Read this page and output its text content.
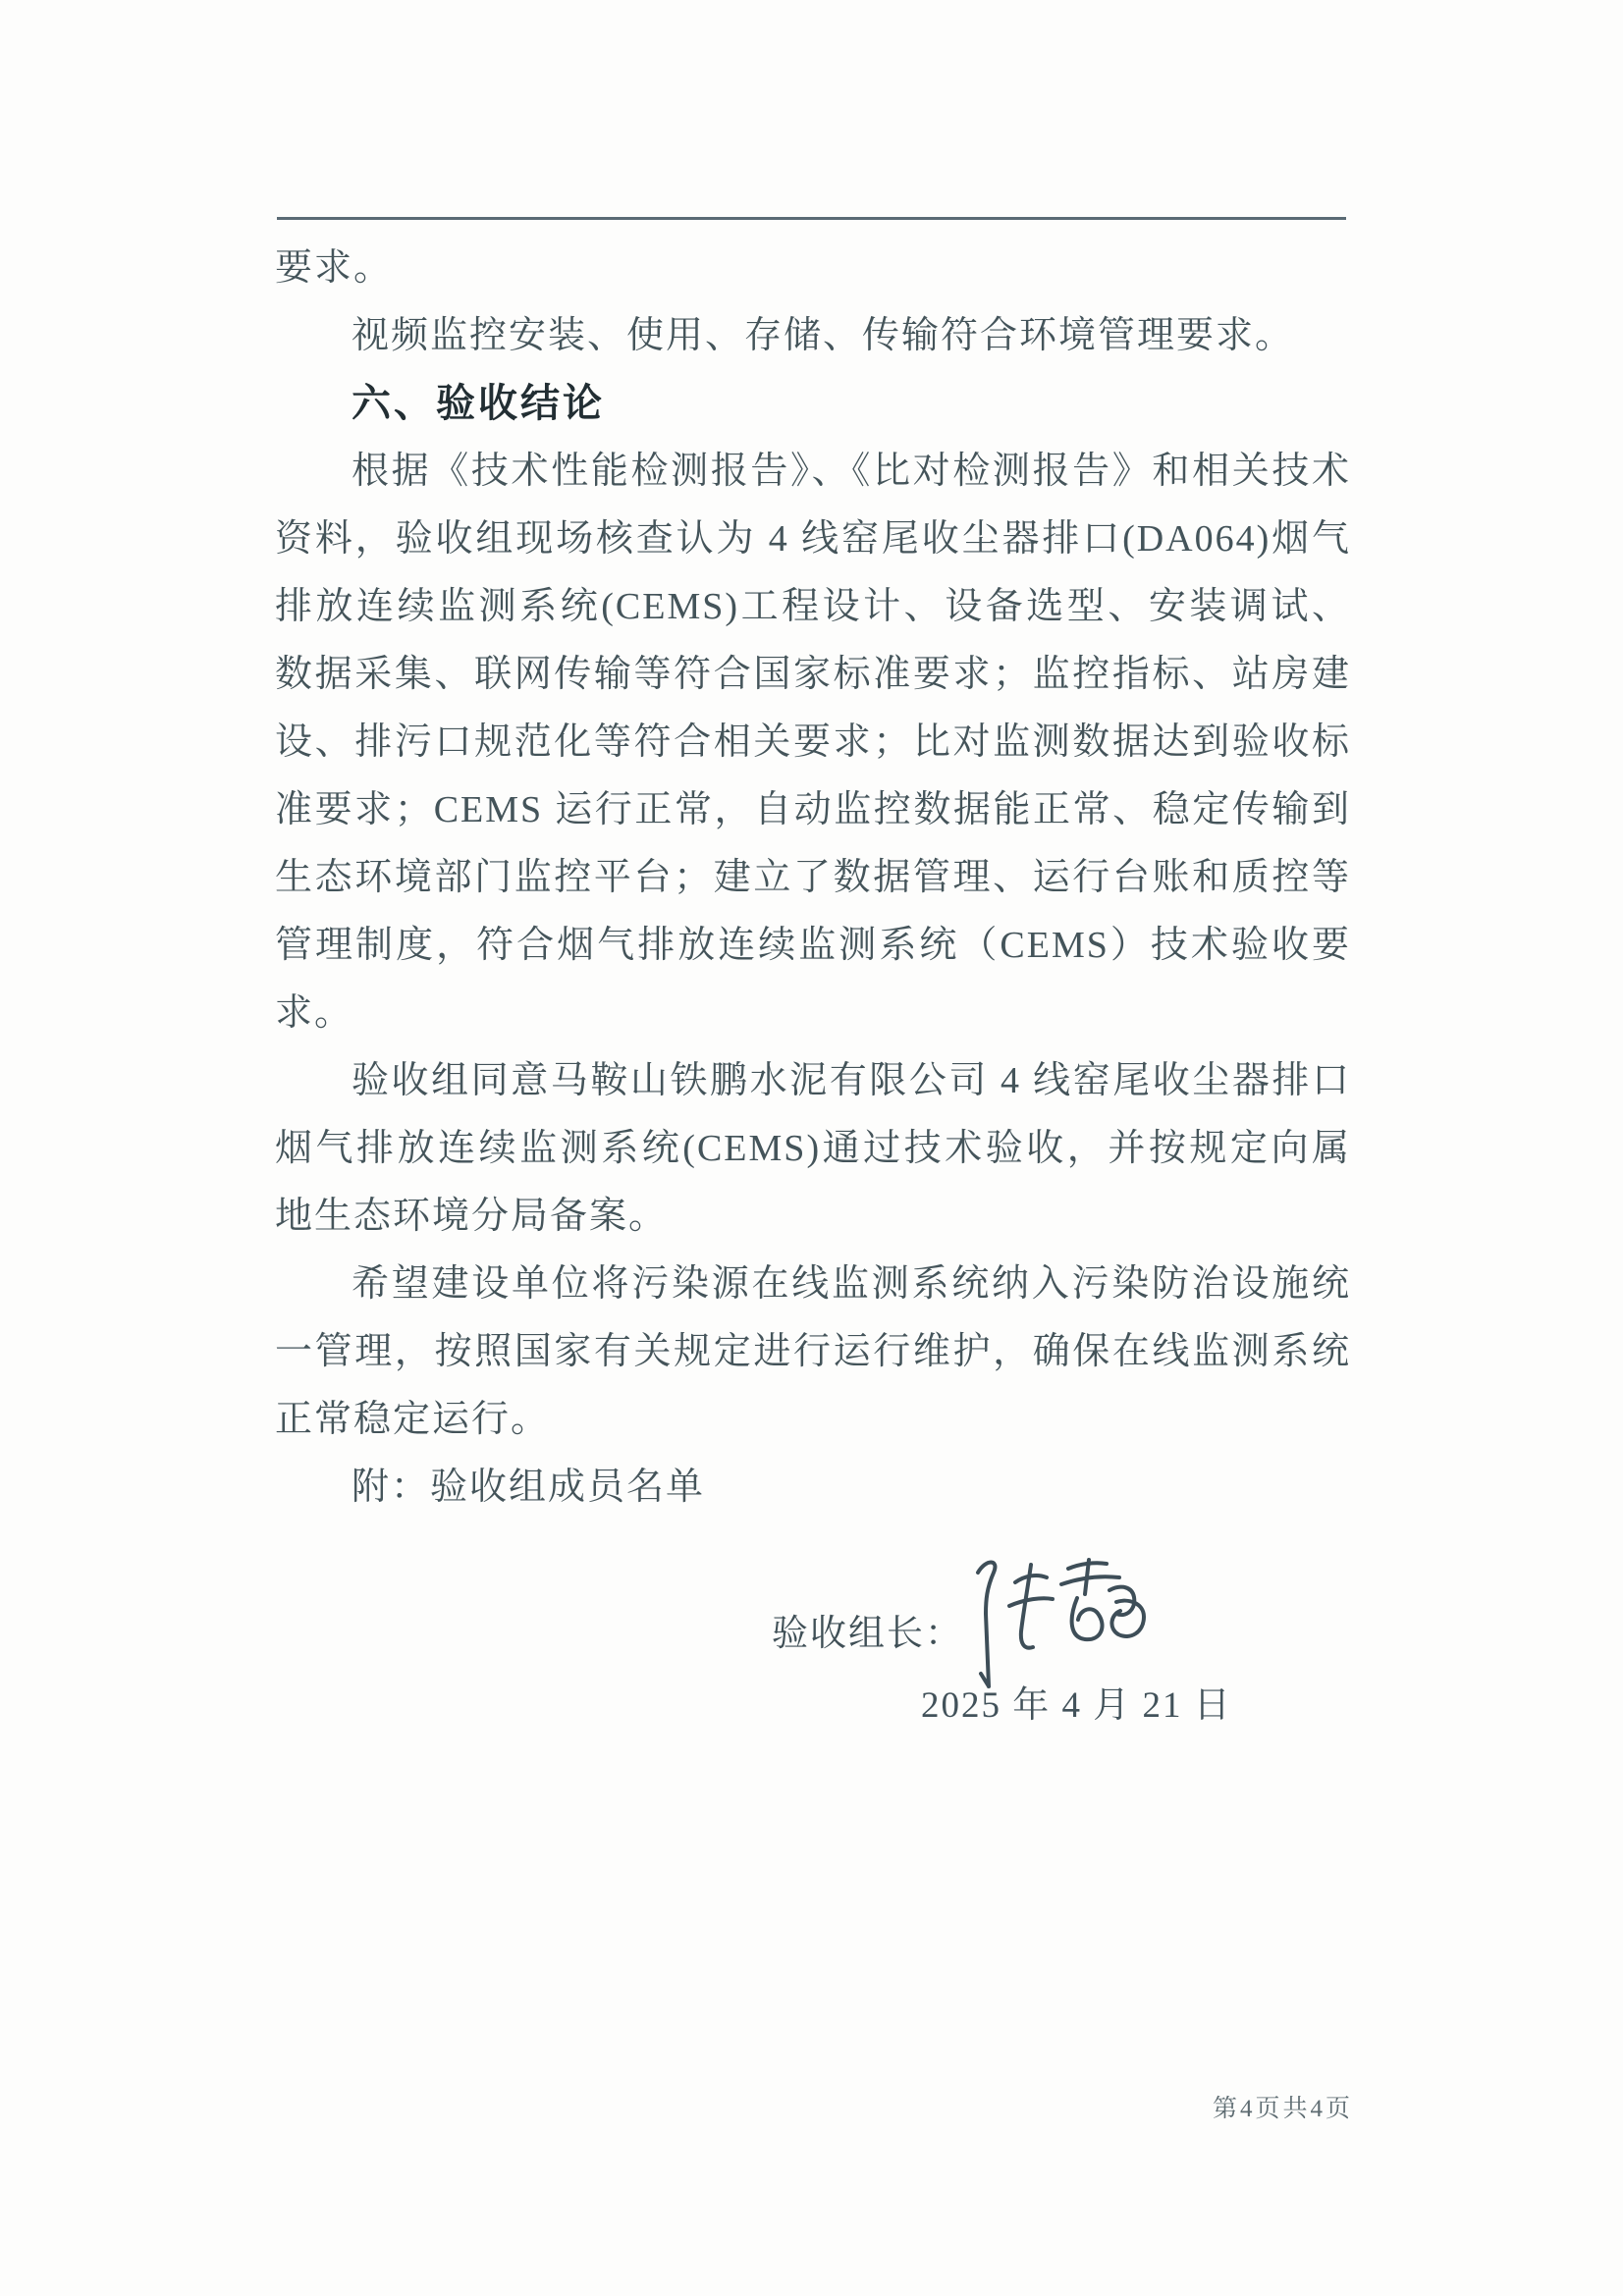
要求。

视频监控安装、使用、存储、传输符合环境管理要求。

六、验收结论

根据《技术性能检测报告》、《比对检测报告》和相关技术资料，验收组现场核查认为 4 线窑尾收尘器排口(DA064)烟气排放连续监测系统(CEMS)工程设计、设备选型、安装调试、数据采集、联网传输等符合国家标准要求；监控指标、站房建设、排污口规范化等符合相关要求；比对监测数据达到验收标准要求；CEMS 运行正常，自动监控数据能正常、稳定传输到生态环境部门监控平台；建立了数据管理、运行台账和质控等管理制度，符合烟气排放连续监测系统（CEMS）技术验收要求。

验收组同意马鞍山铁鹏水泥有限公司 4 线窑尾收尘器排口烟气排放连续监测系统(CEMS)通过技术验收，并按规定向属地生态环境分局备案。

希望建设单位将污染源在线监测系统纳入污染防治设施统一管理，按照国家有关规定进行运行维护，确保在线监测系统正常稳定运行。

附：验收组成员名单

验收组长：
2025 年 4 月 21 日
第4页共4页
